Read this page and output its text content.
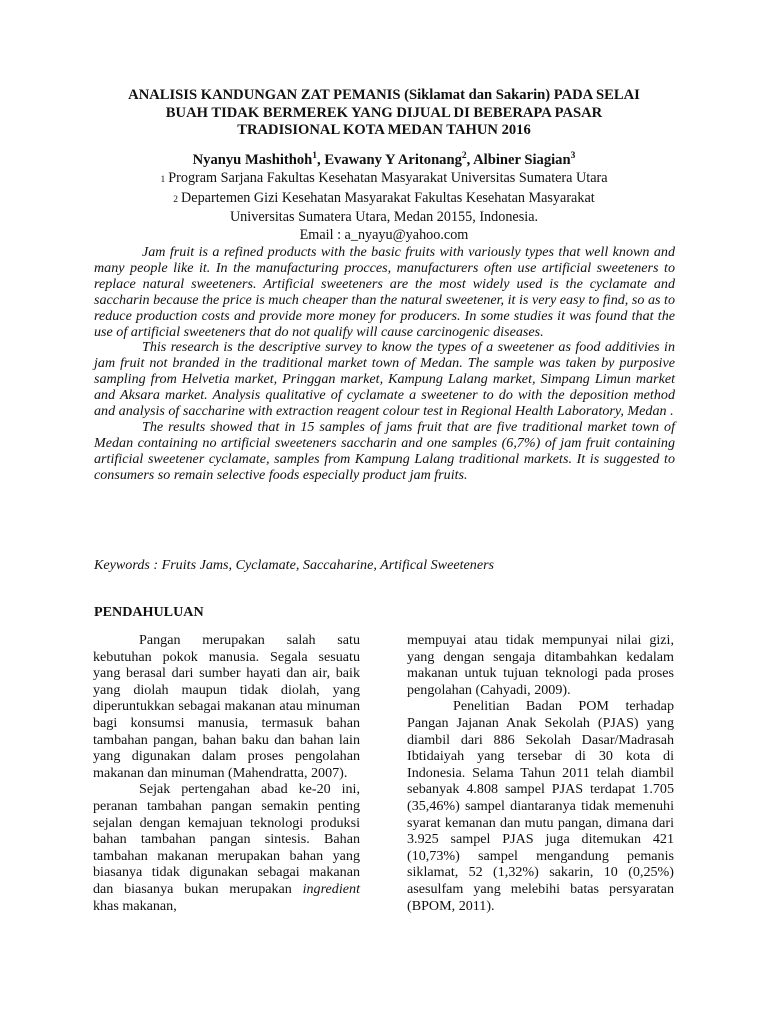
ANALISIS KANDUNGAN ZAT PEMANIS (Siklamat dan Sakarin) PADA SELAI
BUAH TIDAK BERMEREK YANG DIJUAL DI BEBERAPA PASAR
TRADISIONAL KOTA MEDAN TAHUN 2016
Nyanyu Mashithoh$^1$, Evawany Y Aritonang$^2$, Albiner Siagian$^3$
1 Program Sarjana Fakultas Kesehatan Masyarakat Universitas Sumatera Utara
2 Departemen Gizi Kesehatan Masyarakat Fakultas Kesehatan Masyarakat
Universitas Sumatera Utara, Medan 20155, Indonesia.
Email : a_nyayu@yahoo.com

Jam fruit is a refined products with the basic fruits with variously types that well known and many people like it. In the manufacturing procces, manufacturers often use artificial sweeteners to replace natural sweeteners. Artificial sweeteners are the most widely used is the cyclamate and saccharin because the price is much cheaper than the natural sweetener, it is very easy to find, so as to reduce production costs and provide more money for producers. In some studies it was found that the use of artificial sweeteners that do not qualify will cause carcinogenic diseases.

This research is the descriptive survey to know the types of a sweetener as food additivies in jam fruit not branded in the traditional market town of Medan. The sample was taken by purposive sampling from Helvetia market, Pringgan market, Kampung Lalang market, Simpang Limun market and Aksara market. Analysis qualitative of cyclamate a sweetener to do with the deposition method and analysis of saccharine with extraction reagent colour test in Regional Health Laboratory, Medan .

The results showed that in 15 samples of jams fruit that are five traditional market town of Medan containing no artificial sweeteners saccharin and one samples (6,7%) of jam fruit containing artificial sweetener cyclamate, samples from Kampung Lalang traditional markets. It is suggested to consumers so remain selective foods especially product jam fruits.

Keywords : Fruits Jams, Cyclamate, Saccaharine, Artifical Sweeteners
PENDAHULUAN

Pangan merupakan salah satu kebutuhan pokok manusia. Segala sesuatu yang berasal dari sumber hayati dan air, baik yang diolah maupun tidak diolah, yang diperuntukkan sebagai makanan atau minuman bagi konsumsi manusia, termasuk bahan tambahan pangan, bahan baku dan bahan lain yang digunakan dalam proses pengolahan makanan dan minuman (Mahendratta, 2007).

Sejak pertengahan abad ke-20 ini, peranan tambahan pangan semakin penting sejalan dengan kemajuan teknologi produksi bahan tambahan pangan sintesis. Bahan tambahan makanan merupakan bahan yang biasanya tidak digunakan sebagai makanan dan biasanya bukan merupakan ingredient khas makanan,

mempuyai atau tidak mempunyai nilai gizi, yang dengan sengaja ditambahkan kedalam makanan untuk tujuan teknologi pada proses pengolahan (Cahyadi, 2009).

Penelitian Badan POM terhadap Pangan Jajanan Anak Sekolah (PJAS) yang diambil dari 886 Sekolah Dasar/Madrasah Ibtidaiyah yang tersebar di 30 kota di Indonesia. Selama Tahun 2011 telah diambil sebanyak 4.808 sampel PJAS terdapat 1.705 (35,46%) sampel diantaranya tidak memenuhi syarat kemanan dan mutu pangan, dimana dari 3.925 sampel PJAS juga ditemukan 421 (10,73%) sampel mengandung pemanis siklamat, 52 (1,32%) sakarin, 10 (0,25%) asesulfam yang melebihi batas persyaratan (BPOM, 2011).
